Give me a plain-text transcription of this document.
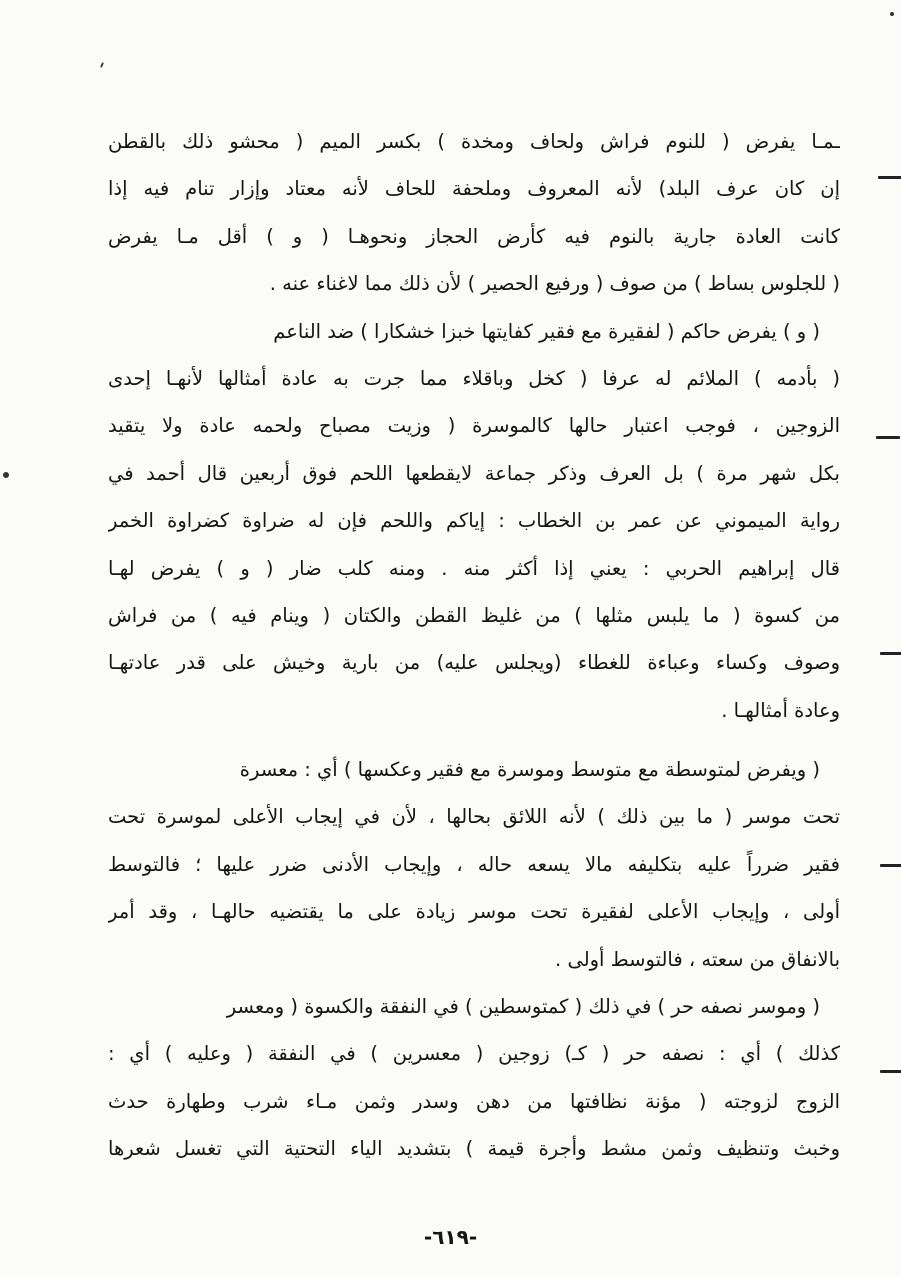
ـمـا يفرض ( للنوم فراش ولحاف ومخدة ) بكسر الميم ( محشو ذلك بالقطن
إن كان عرف البلد) لأنه المعروف وملحفة للحاف لأنه معتاد وإزار تنام فيه إذا
كانت العادة جارية بالنوم فيه كأرض الحجاز ونحوهـا ( و ) أقل مـا يفرض
( للجلوس بساط ) من صوف ( ورفيع الحصير ) لأن ذلك مما لاغناء عنه .
( و ) يفرض حاكم ( لفقيرة مع فقير كفايتها خبزا خشكارا ) ضد الناعم
( بأدمه ) الملائم له عرفا ( كخل وباقلاء مما جرت به عادة أمثالها لأنهـا إحدى
الزوجين ، فوجب اعتبار حالها كالموسرة ( وزيت مصباح ولحمه عادة ولا يتقيد
بكل شهر مرة ) بل العرف وذكر جماعة لايقطعها اللحم فوق أربعين قال أحمد في
رواية الميموني عن عمر بن الخطاب : إياكم واللحم فإن له ضراوة كضراوة الخمر
قال إبراهيم الحربي : يعني إذا أكثر منه . ومنه كلب ضار ( و ) يفرض لهـا
من كسوة ( ما يلبس مثلها ) من غليظ القطن والكتان ( وينام فيه ) من فراش
وصوف وكساء وعباءة للغطاء (ويجلس عليه) من بارية وخيش على قدر عادتهـا
وعادة أمثالهـا .
( ويفرض لمتوسطة مع متوسط وموسرة مع فقير وعكسها ) أي : معسرة
تحت موسر ( ما بين ذلك ) لأنه اللائق بحالها ، لأن في إيجاب الأعلى لموسرة تحت
فقير ضرراً عليه بتكليفه مالا يسعه حاله ، وإيجاب الأدنى ضرر عليها ؛ فالتوسط
أولى ، وإيجاب الأعلى لفقيرة تحت موسر زيادة على ما يقتضيه حالهـا ، وقد أمر
بالانفاق من سعته ، فالتوسط أولى .
( وموسر نصفه حر ) في ذلك ( كمتوسطين ) في النفقة والكسوة ( ومعسر
كذلك ) أي : نصفه حر ( كـ) زوجين ( معسرين ) في النفقة ( وعليه ) أي :
الزوج لزوجته ( مؤنة نظافتها من دهن وسدر وثمن مـاء شرب وطهارة حدث
وخبث وتنظيف وثمن مشط وأجرة قيمة ) بتشديد الياء التحتية التي تغسل شعرها
-٦١٩-
